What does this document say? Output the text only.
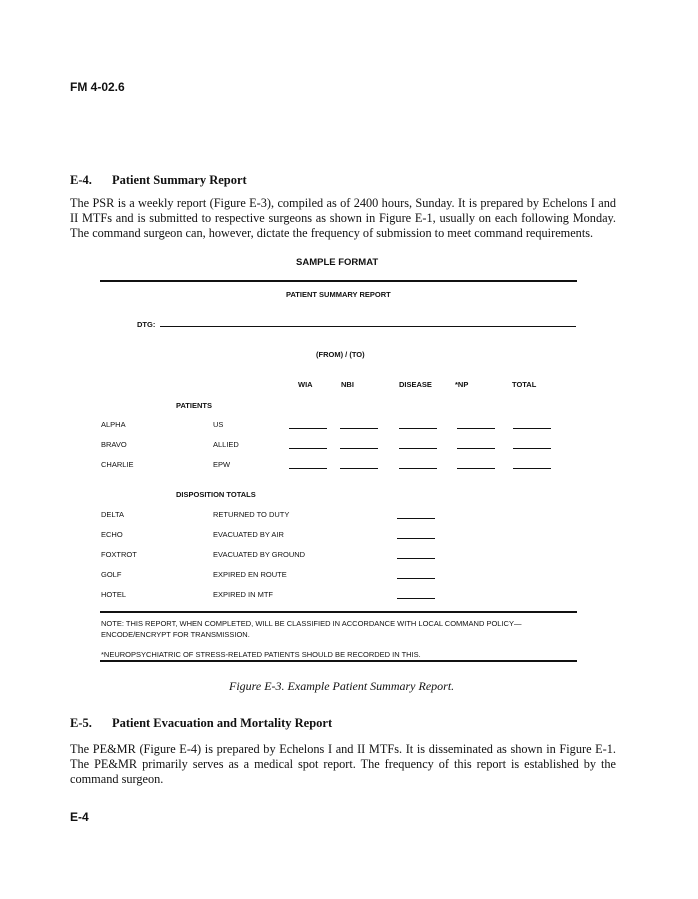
FM 4-02.6
E-4. Patient Summary Report
The PSR is a weekly report (Figure E-3), compiled as of 2400 hours, Sunday. It is prepared by Echelons I and II MTFs and is submitted to respective surgeons as shown in Figure E-1, usually on each following Monday. The command surgeon can, however, dictate the frequency of submission to meet command requirements.
SAMPLE FORMAT
PATIENT SUMMARY REPORT
DTG:
(FROM) / (TO)
PATIENTS
DISPOSITION TOTALS
NOTE: THIS REPORT, WHEN COMPLETED, WILL BE CLASSIFIED IN ACCORDANCE WITH LOCAL COMMAND POLICY—
ENCODE/ENCRYPT FOR TRANSMISSION.
*NEUROPSYCHIATRIC OF STRESS-RELATED PATIENTS SHOULD BE RECORDED IN THIS.
Figure E-3. Example Patient Summary Report.
E-5. Patient Evacuation and Mortality Report
The PE&MR (Figure E-4) is prepared by Echelons I and II MTFs. It is disseminated as shown in Figure E-1. The PE&MR primarily serves as a medical spot report. The frequency of this report is established by the command surgeon.
E-4
WIA	NBI	DISEASE	*NP	TOTAL
ALPHA	US
BRAVO	ALLIED
CHARLIE	EPW
DELTA	RETURNED TO DUTY
ECHO	EVACUATED BY AIR
FOXTROT	EVACUATED BY GROUND
GOLF	EXPIRED EN ROUTE
HOTEL	EXPIRED IN MTF
